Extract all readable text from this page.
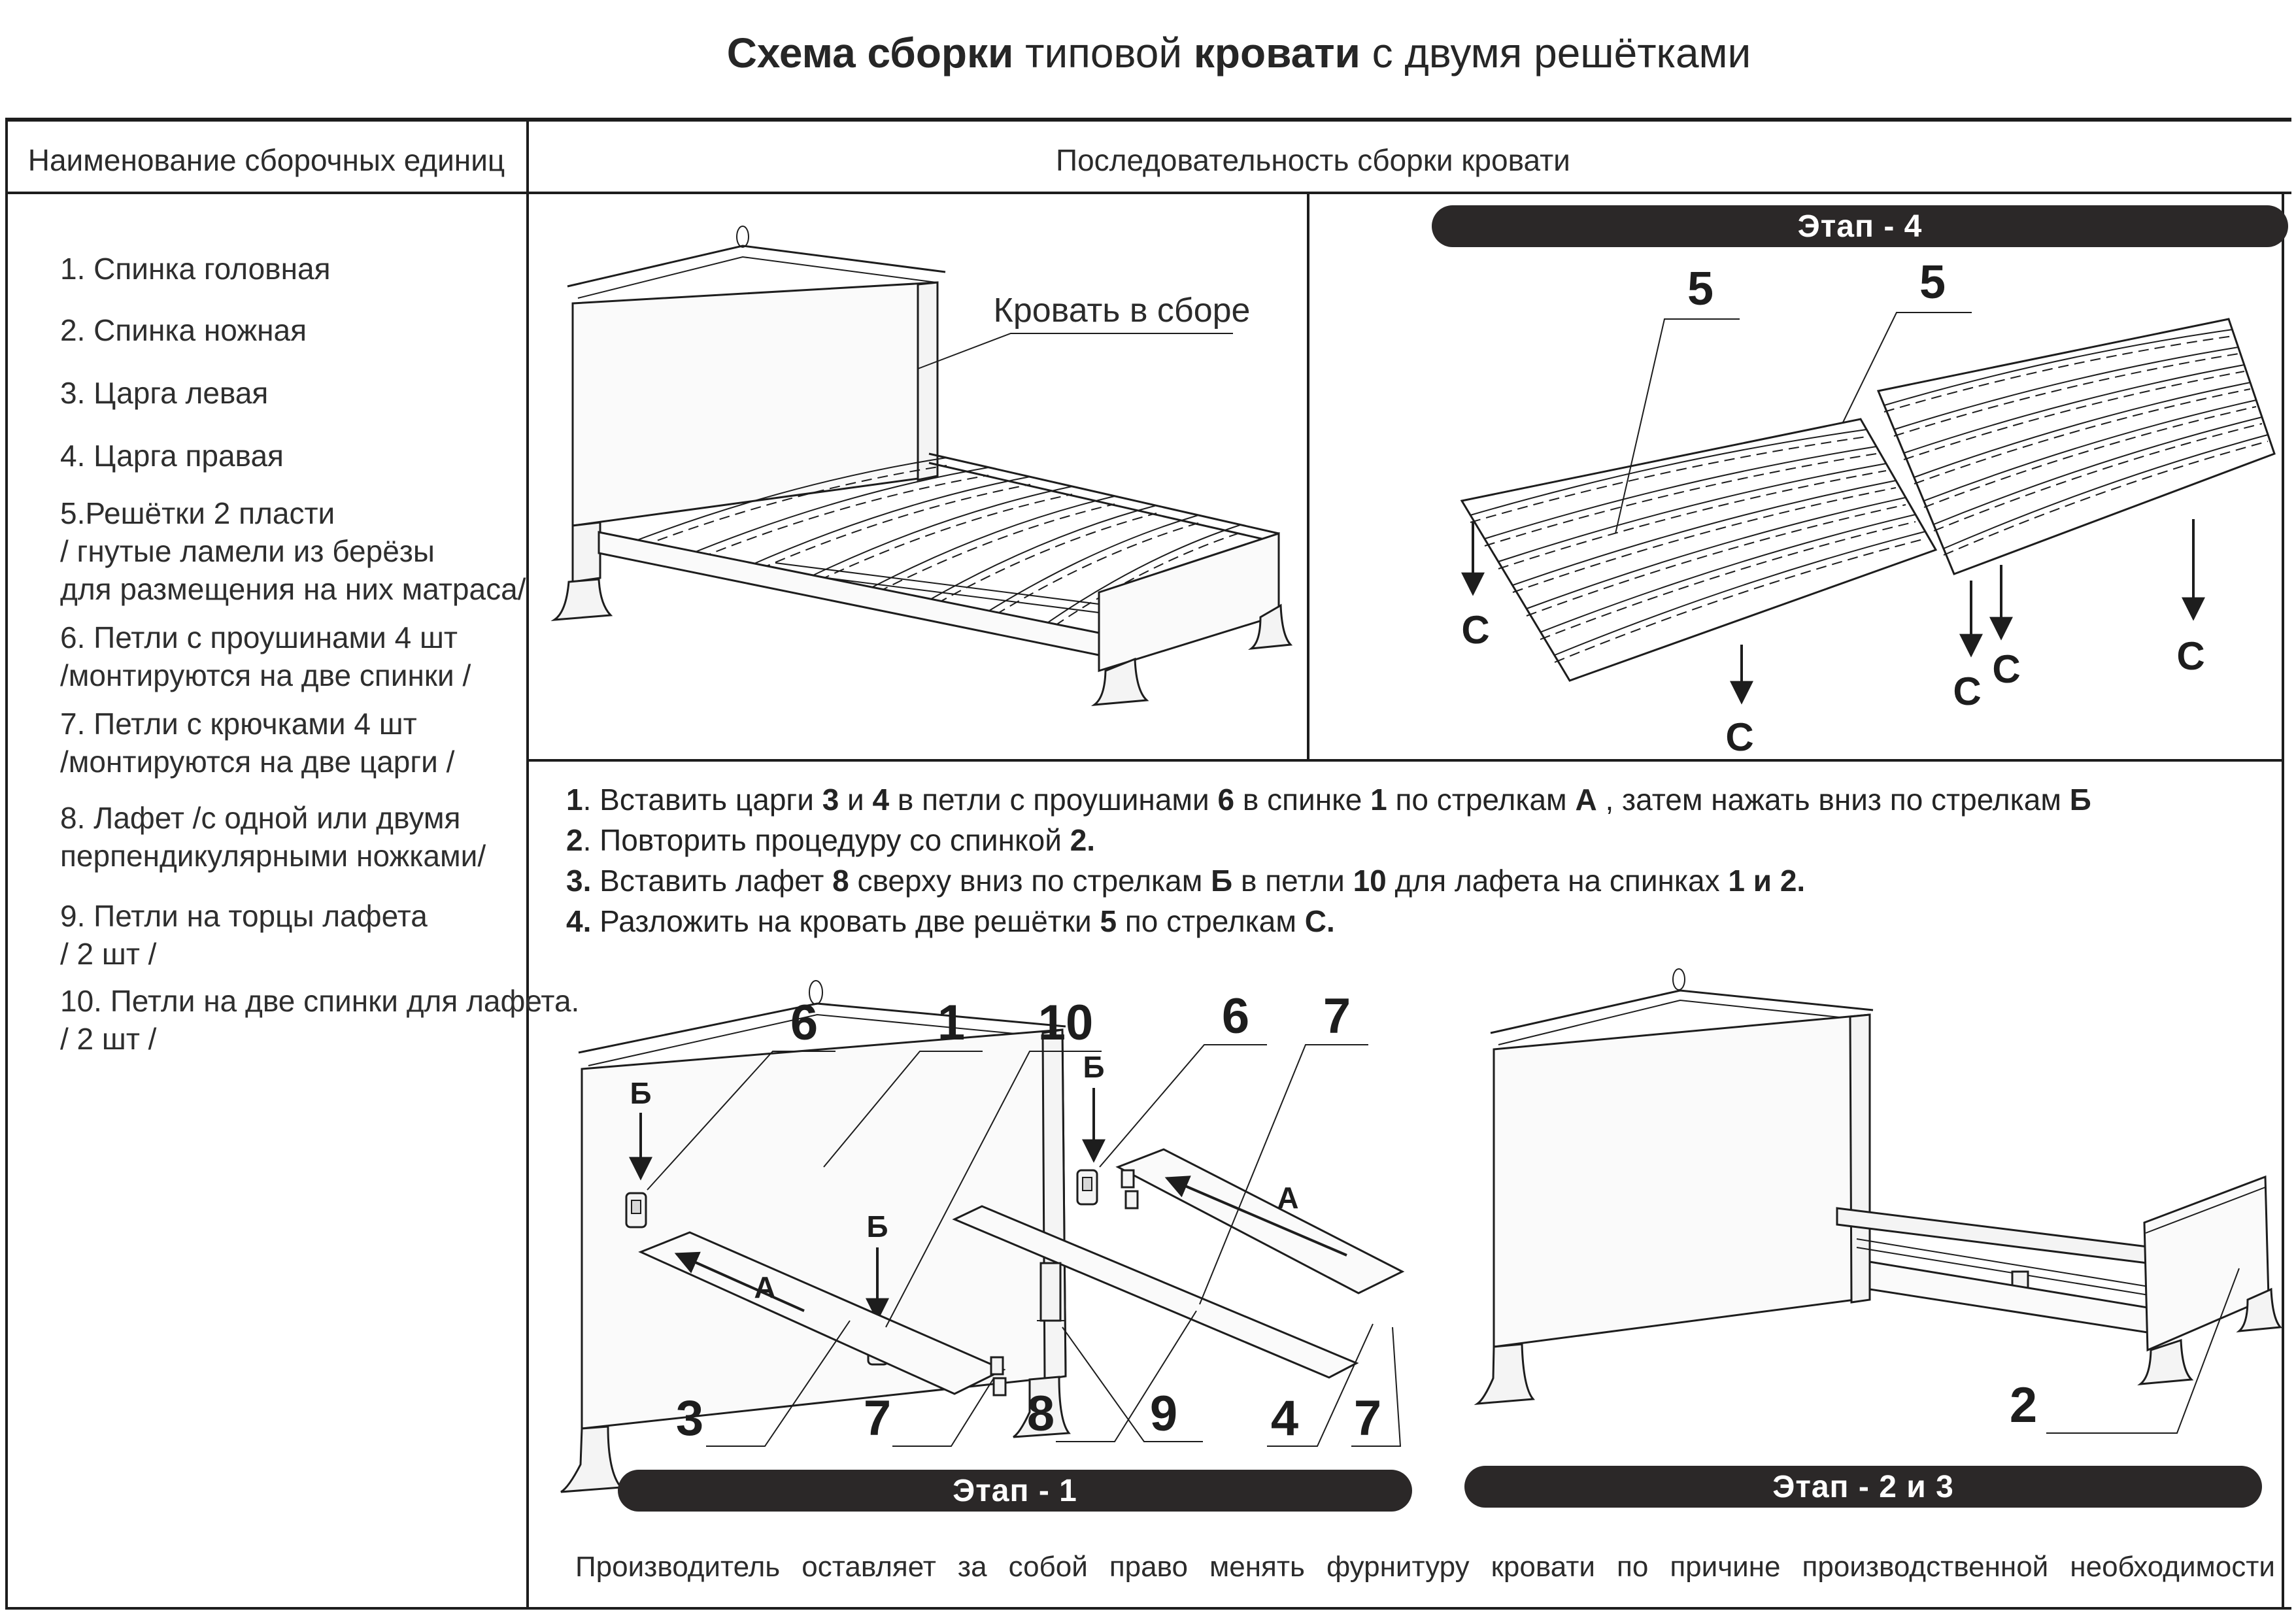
Схема сборки типовой кровати с двумя решётками
Наименование сборочных единиц	Последовательность сборки кровати
1. Спинка головная
2. Спинка ножная
3. Царга левая
4. Царга правая
5.Решётки 2 пласти
/ гнутые ламели из берёзы
для размещения на них матраса/
6. Петли с проушинами 4 шт
/монтируются на две спинки /
7. Петли с крючками 4 шт
/монтируются на две царги /
8. Лафет /с одной или двумя
перпендикулярными ножками/
9. Петли на торцы лафета
/ 2 шт /
10. Петли на две спинки для лафета.
/ 2 шт /
Кровать в сборе
Этап - 4
5	5
С
С
С
С	С
1. Вставить царги 3 и 4 в петли с проушинами 6 в спинке 1 по стрелкам А , затем нажать вниз по стрелкам Б
2. Повторить процедуру со спинкой 2.
3. Вставить лафет 8 сверху вниз по стрелкам Б в петли 10 для лафета на спинках 1 и 2.
4. Разложить на кровать две решётки 5 по стрелкам С.
Б
Б
Б
А
А
6 1 10	6 7
3	7	8 9 4 7	2
Этап - 1	Этап - 2 и 3
Производитель оставляет за собой право менять фурнитуру кровати по причине производственной необходимости
